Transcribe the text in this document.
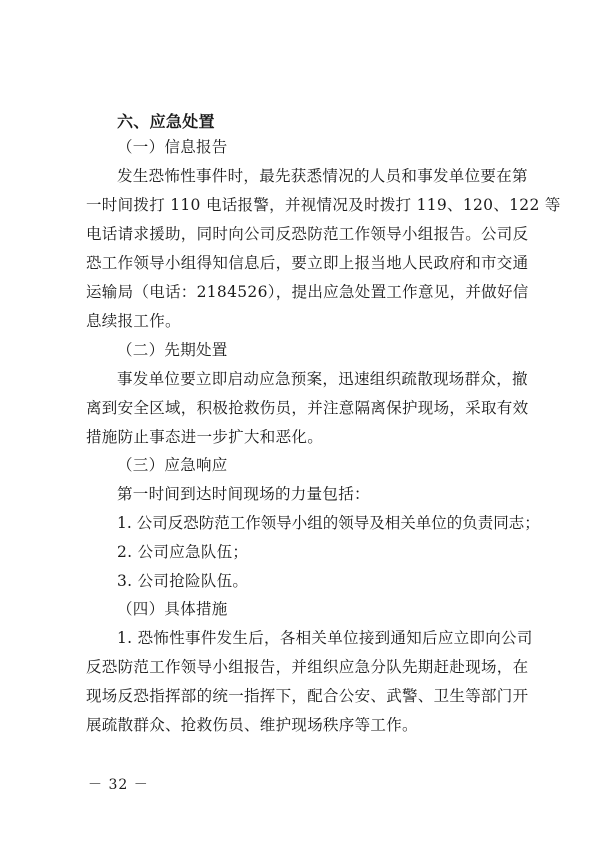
六、应急处置
（一）信息报告
发生恐怖性事件时，最先获悉情况的人员和事发单位要在第
一时间拨打 110 电话报警，并视情况及时拨打 119、120、122 等
电话请求援助，同时向公司反恐防范工作领导小组报告。公司反
恐工作领导小组得知信息后，要立即上报当地人民政府和市交通
运输局（电话：2184526），提出应急处置工作意见，并做好信
息续报工作。
（二）先期处置
事发单位要立即启动应急预案，迅速组织疏散现场群众，撤
离到安全区域，积极抢救伤员，并注意隔离保护现场，采取有效
措施防止事态进一步扩大和恶化。
（三）应急响应
第一时间到达时间现场的力量包括：
1. 公司反恐防范工作领导小组的领导及相关单位的负责同志；
2. 公司应急队伍；
3. 公司抢险队伍。
（四）具体措施
1. 恐怖性事件发生后，各相关单位接到通知后应立即向公司
反恐防范工作领导小组报告，并组织应急分队先期赶赴现场，在
现场反恐指挥部的统一指挥下，配合公安、武警、卫生等部门开
展疏散群众、抢救伤员、维护现场秩序等工作。
－ 32 －
